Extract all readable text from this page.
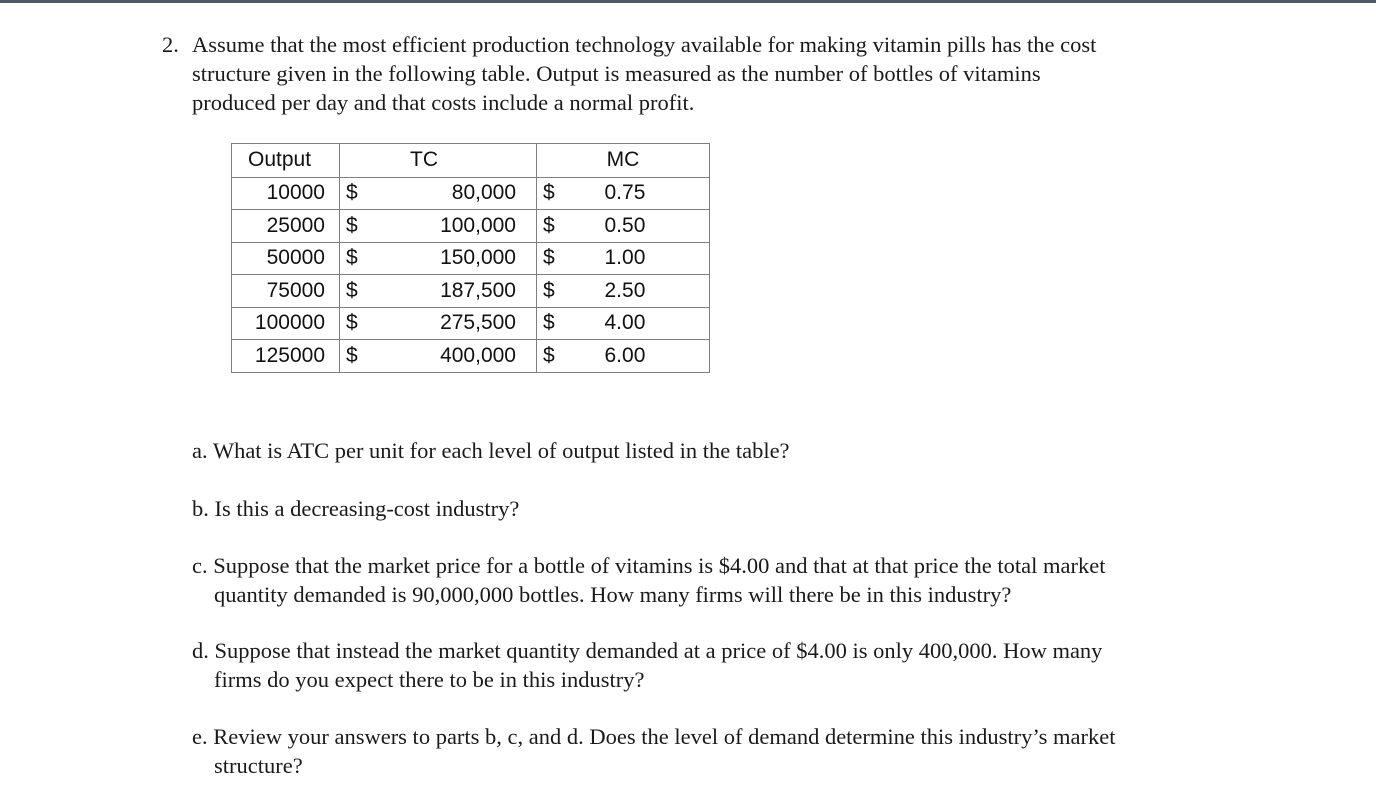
2. Assume that the most efficient production technology available for making vitamin pills has the cost
structure given in the following table. Output is measured as the number of bottles of vitamins
produced per day and that costs include a normal profit.
Output	TC		MC	
10000	$	80,000	$	0.75
25000	$	100,000	$	0.50
50000	$	150,000	$	1.00
75000	$	187,500	$	2.50
100000	$	275,500	$	4.00
125000	$	400,000	$	6.00
a. What is ATC per unit for each level of output listed in the table?
b. Is this a decreasing-cost industry?
c. Suppose that the market price for a bottle of vitamins is $4.00 and that at that price the total market
quantity demanded is 90,000,000 bottles. How many firms will there be in this industry?
d. Suppose that instead the market quantity demanded at a price of $4.00 is only 400,000. How many
firms do you expect there to be in this industry?
e. Review your answers to parts b, c, and d. Does the level of demand determine this industry’s market
structure?
